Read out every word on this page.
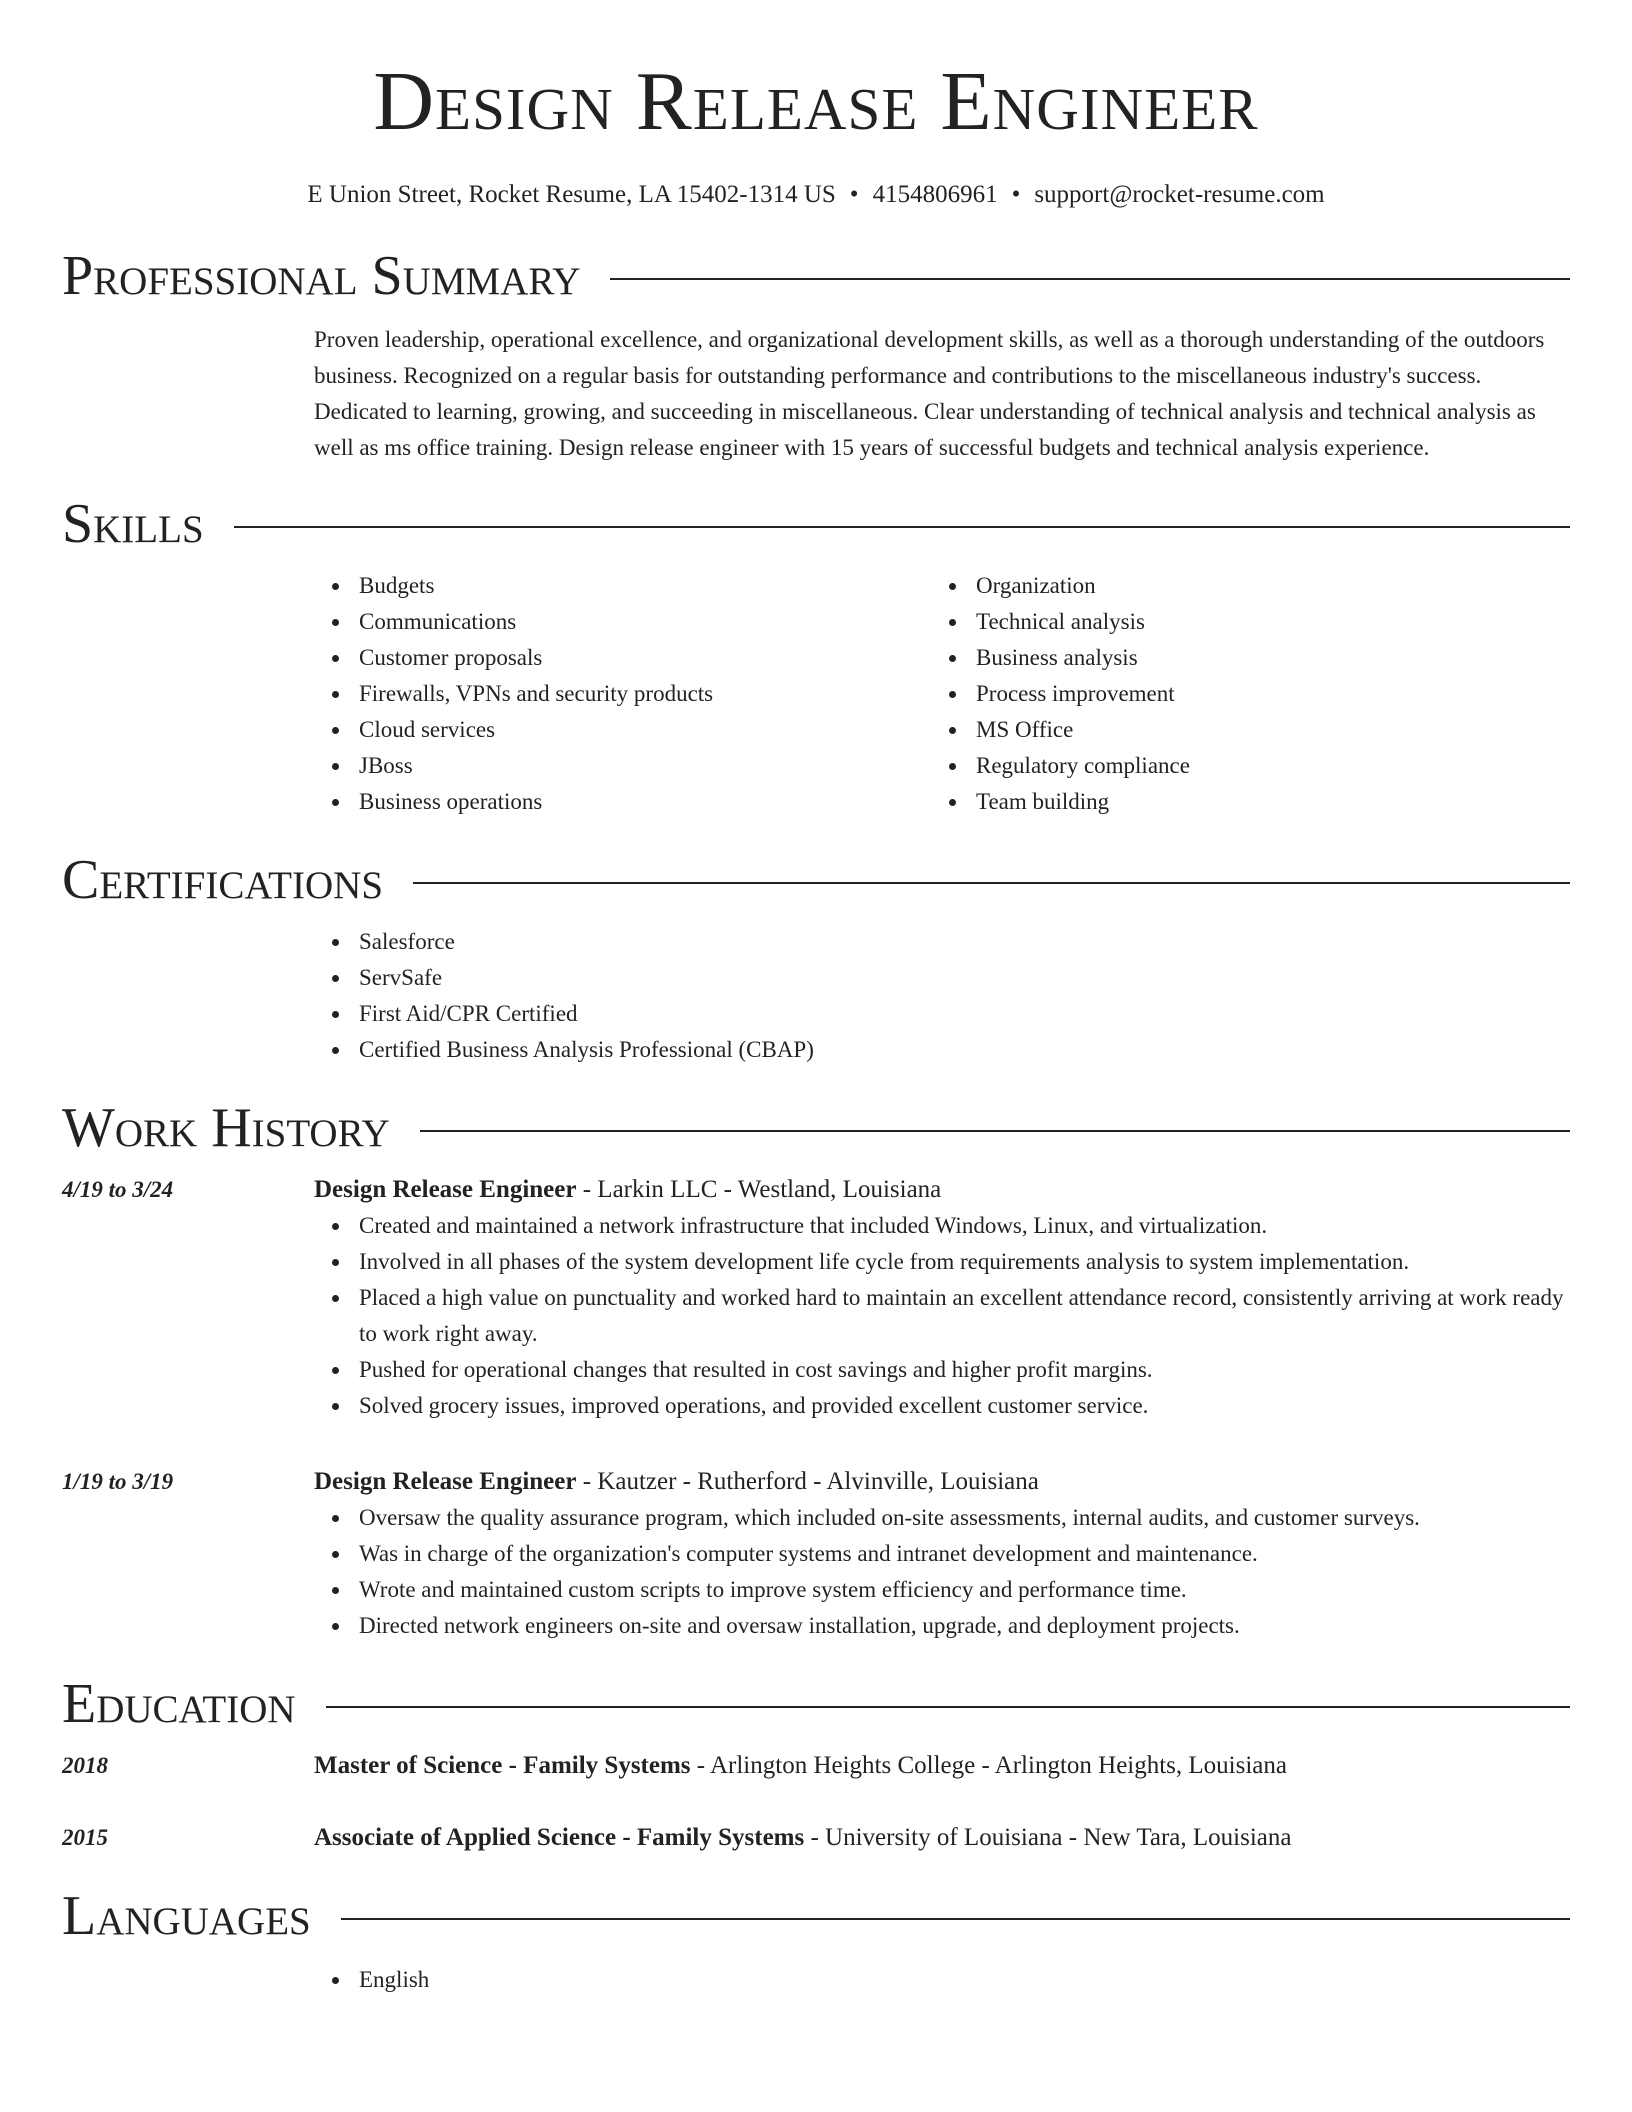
Design Release Engineer
E Union Street, Rocket Resume, LA 15402-1314 US • 4154806961 • support@rocket-resume.com
Professional Summary
Proven leadership, operational excellence, and organizational development skills, as well as a thorough understanding of the outdoors business. Recognized on a regular basis for outstanding performance and contributions to the miscellaneous industry's success. Dedicated to learning, growing, and succeeding in miscellaneous. Clear understanding of technical analysis and technical analysis as well as ms office training. Design release engineer with 15 years of successful budgets and technical analysis experience.
Skills
Budgets
Communications
Customer proposals
Firewalls, VPNs and security products
Cloud services
JBoss
Business operations
Organization
Technical analysis
Business analysis
Process improvement
MS Office
Regulatory compliance
Team building
Certifications
Salesforce
ServSafe
First Aid/CPR Certified
Certified Business Analysis Professional (CBAP)
Work History
4/19 to 3/24	Design Release Engineer - Larkin LLC - Westland, Louisiana
Created and maintained a network infrastructure that included Windows, Linux, and virtualization.
Involved in all phases of the system development life cycle from requirements analysis to system implementation.
Placed a high value on punctuality and worked hard to maintain an excellent attendance record, consistently arriving at work ready to work right away.
Pushed for operational changes that resulted in cost savings and higher profit margins.
Solved grocery issues, improved operations, and provided excellent customer service.
1/19 to 3/19	Design Release Engineer - Kautzer - Rutherford - Alvinville, Louisiana
Oversaw the quality assurance program, which included on-site assessments, internal audits, and customer surveys.
Was in charge of the organization's computer systems and intranet development and maintenance.
Wrote and maintained custom scripts to improve system efficiency and performance time.
Directed network engineers on-site and oversaw installation, upgrade, and deployment projects.
Education
2018	Master of Science - Family Systems - Arlington Heights College - Arlington Heights, Louisiana
2015	Associate of Applied Science - Family Systems - University of Louisiana - New Tara, Louisiana
Languages
English
